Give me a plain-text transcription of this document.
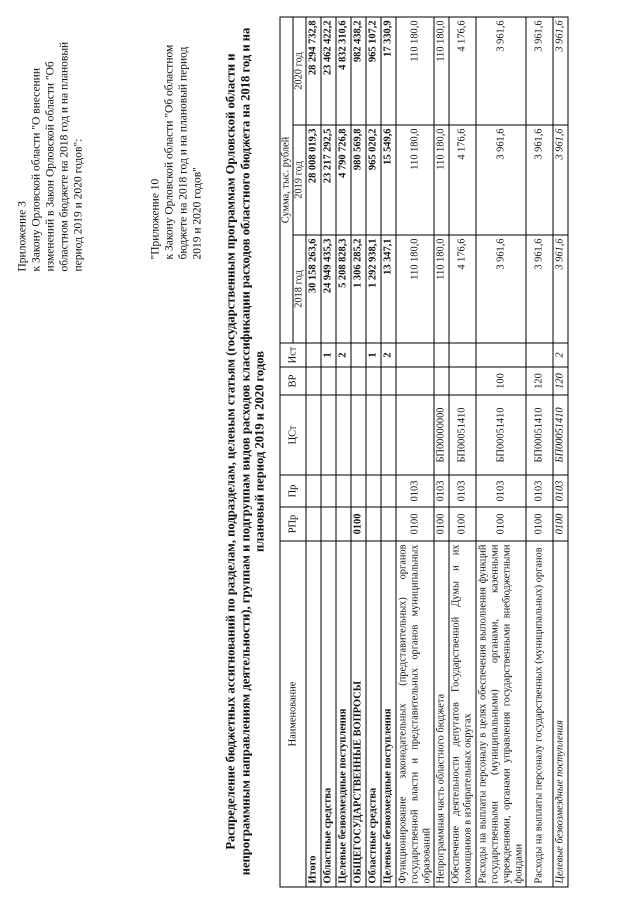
Приложение 3 к Закону Орловской области "О внесении изменений в Закон Орловской области "Об областном бюджете на 2018 год и на плановый период 2019 и 2020 годов":	"Приложение 10 к Закону Орловской области "Об областном бюджете на 2018 год и на плановый период 2019 и 2020 годов" Распределение бюджетных ассигнований по разделам, подразделам, целевым статьям (государственным программам Орловской области и непрограммным направлениям деятельности), группам и подгруппам видов расходов классификации расходов областного бюджета на 2018 год и на плановый период 2019 и 2020 годов
Наименование	РПр	Пр	ЦСт	ВР	Ист	Сумма, тыс. рублей		
						2018 год	2019 год	2020 год
Итого						30 158 263,6	28 008 019,3	28 294 732,8
Областные средства					1	24 949 435,3	23 217 292,5	23 462 422,2
Целевые безвозмездные поступления					2	5 208 828,3	4 790 726,8	4 832 310,6
ОБЩЕГОСУДАРСТВЕННЫЕ ВОПРОСЫ	0100					1 306 285,2	980 569,8	982 438,2
Областные средства					1	1 292 938,1	965 020,2	965 107,2
Целевые безвозмездные поступления					2	13 347,1	15 549,6	17 330,9
Функционирование законодательных (представительных) органов государственной власти и представительных органов муниципальных образований	0100	0103				110 180,0	110 180,0	110 180,0
Непрограммная часть областного бюджета	0100	0103	БП00000000			110 180,0	110 180,0	110 180,0
Обеспечение деятельности депутатов Государственной Думы и их помощников в избирательных округах	0100	0103	БП00051410			4 176,6	4 176,6	4 176,6
Расходы на выплаты персоналу в целях обеспечения выполнения функций государственными (муниципальными) органами, казенными учреждениями, органами управления государственными внебюджетными фондами	0100	0103	БП00051410	100		3 961,6	3 961,6	3 961,6
Расходы на выплаты персоналу государственных (муниципальных) органов	0100	0103	БП00051410	120		3 961,6	3 961,6	3 961,6
Целевые безвозмездные поступления	0100	0103	БП00051410	120	2	3 961,6	3 961,6	3 961,6
